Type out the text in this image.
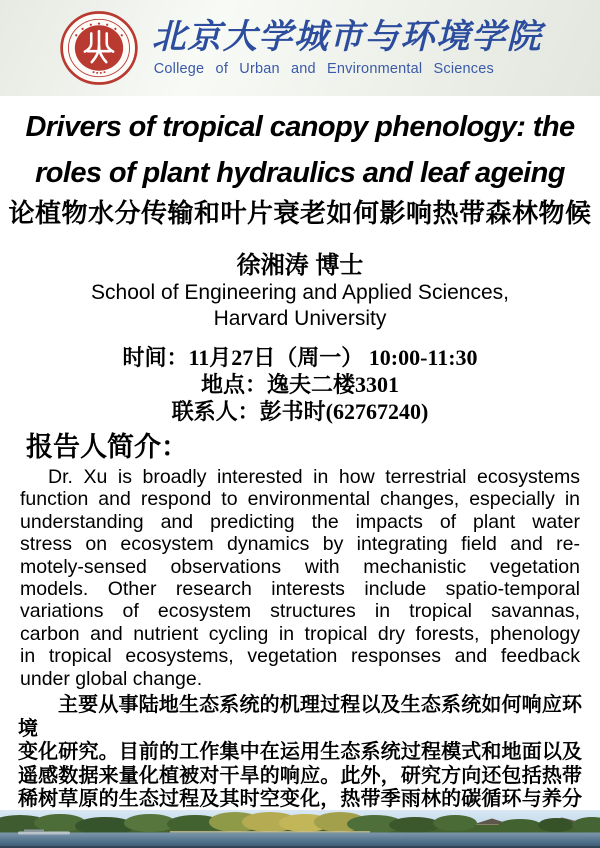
北京大学城市与环境学院
College of Urban and Environmental Sciences
Drivers of tropical canopy phenology: the
roles of plant hydraulics and leaf ageing
论植物水分传输和叶片衰老如何影响热带森林物候
徐湘涛 博士
School of Engineering and Applied Sciences,
Harvard University
时间：11月27日（周一） 10:00-11:30
地点：逸夫二楼3301
联系人：彭书时(62767240)
报告人简介：
Dr. Xu is broadly interested in how terrestrial ecosystems
function and respond to environmental changes, especially in
understanding and predicting the impacts of plant water
stress on ecosystem dynamics by integrating field and re-
motely-sensed observations with mechanistic vegetation
models. Other research interests include spatio-temporal
variations of ecosystem structures in tropical savannas,
carbon and nutrient cycling in tropical dry forests, phenology
in tropical ecosystems, vegetation responses and feedback
under global change.
主要从事陆地生态系统的机理过程以及生态系统如何响应环境
变化研究。目前的工作集中在运用生态系统过程模式和地面以及
遥感数据来量化植被对干旱的响应。此外，研究方向还包括热带
稀树草原的生态过程及其时空变化，热带季雨林的碳循环与养分
